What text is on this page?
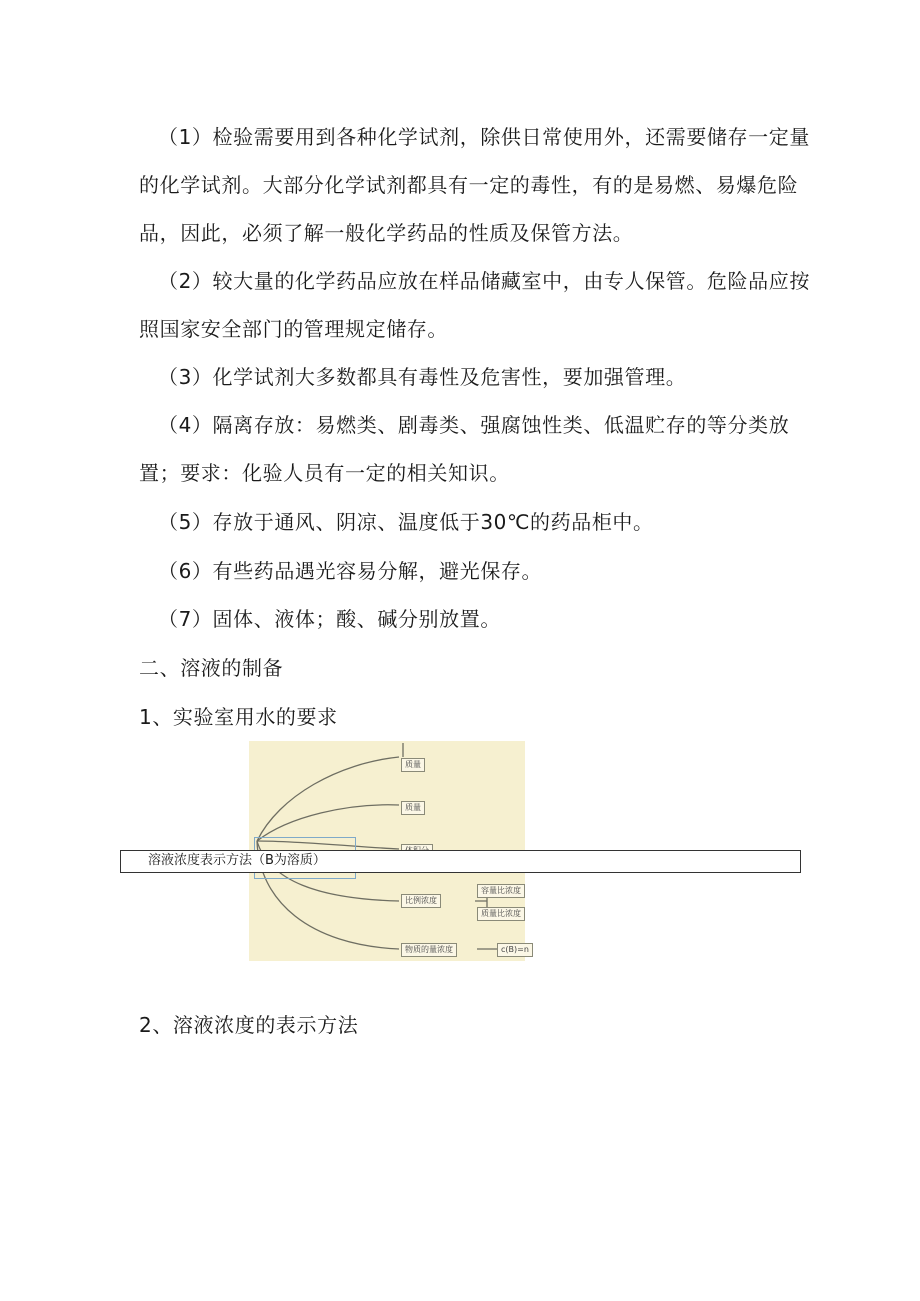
（1）检验需要用到各种化学试剂，除供日常使用外，还需要储存一定量
的化学试剂。大部分化学试剂都具有一定的毒性，有的是易燃、易爆危险
品，因此，必须了解一般化学药品的性质及保管方法。
（2）较大量的化学药品应放在样品储藏室中，由专人保管。危险品应按
照国家安全部门的管理规定储存。
（3）化学试剂大多数都具有毒性及危害性，要加强管理。
（4）隔离存放：易燃类、剧毒类、强腐蚀性类、低温贮存的等分类放
置；要求：化验人员有一定的相关知识。
（5）存放于通风、阴凉、温度低于30℃的药品柜中。
（6）有些药品遇光容易分解，避光保存。
（7）固体、液体；酸、碱分别放置。
二、溶液的制备
1、实验室用水的要求
质量
质量
比例浓度
容量比浓度
质量比浓度
物质的量浓度	c(B)=n
溶液浓度表示方法（B为溶质）
2、溶液浓度的表示方法
